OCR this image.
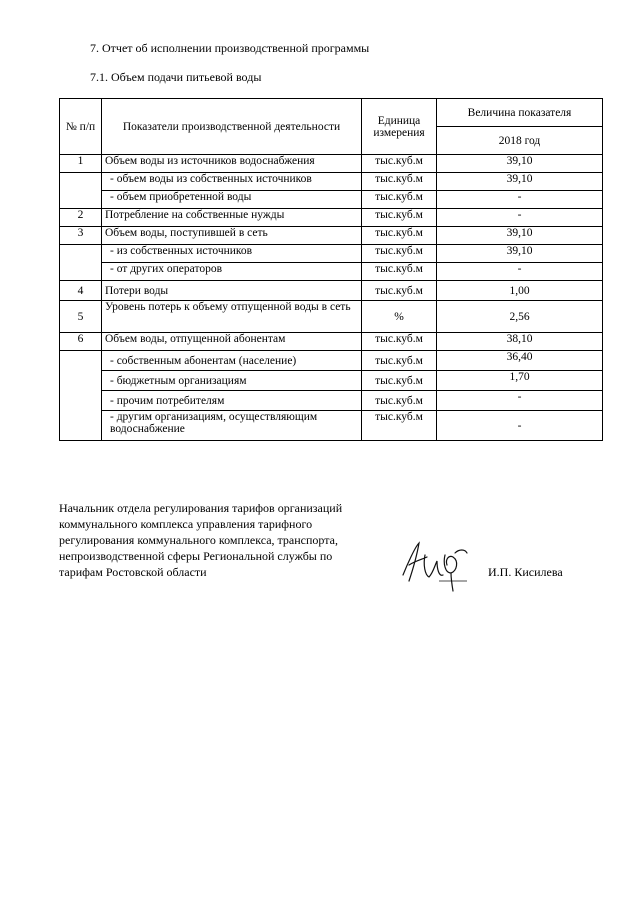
7. Отчет об исполнении производственной программы
7.1. Объем подачи питьевой воды
№ п/п	Показатели производственной деятельности	Единица измерения	Величина показателя
			2018 год
1	Объем воды из источников водоснабжения	тыс.куб.м	39,10
	- объем воды из собственных источников	тыс.куб.м	39,10
	- объем приобретенной воды	тыс.куб.м	-
2	Потребление на собственные нужды	тыс.куб.м	-
3	Объем воды, поступившей в сеть	тыс.куб.м	39,10
	- из собственных источников	тыс.куб.м	39,10
	- от других операторов	тыс.куб.м	-
4	Потери воды	тыс.куб.м	1,00
5	Уровень потерь к объему отпущенной воды в сеть	%	2,56
6	Объем воды, отпущенной абонентам	тыс.куб.м	38,10
	- собственным абонентам (население)	тыс.куб.м	36,40
	- бюджетным организациям	тыс.куб.м	1,70
	- прочим потребителям	тыс.куб.м	-
	- другим организациям, осуществляющим водоснабжение	тыс.куб.м	-
Начальник отдела регулирования тарифов организаций коммунального комплекса управления тарифного регулирования коммунального комплекса, транспорта, непроизводственной сферы Региональной службы по тарифам Ростовской области	И.П. Кисилева
